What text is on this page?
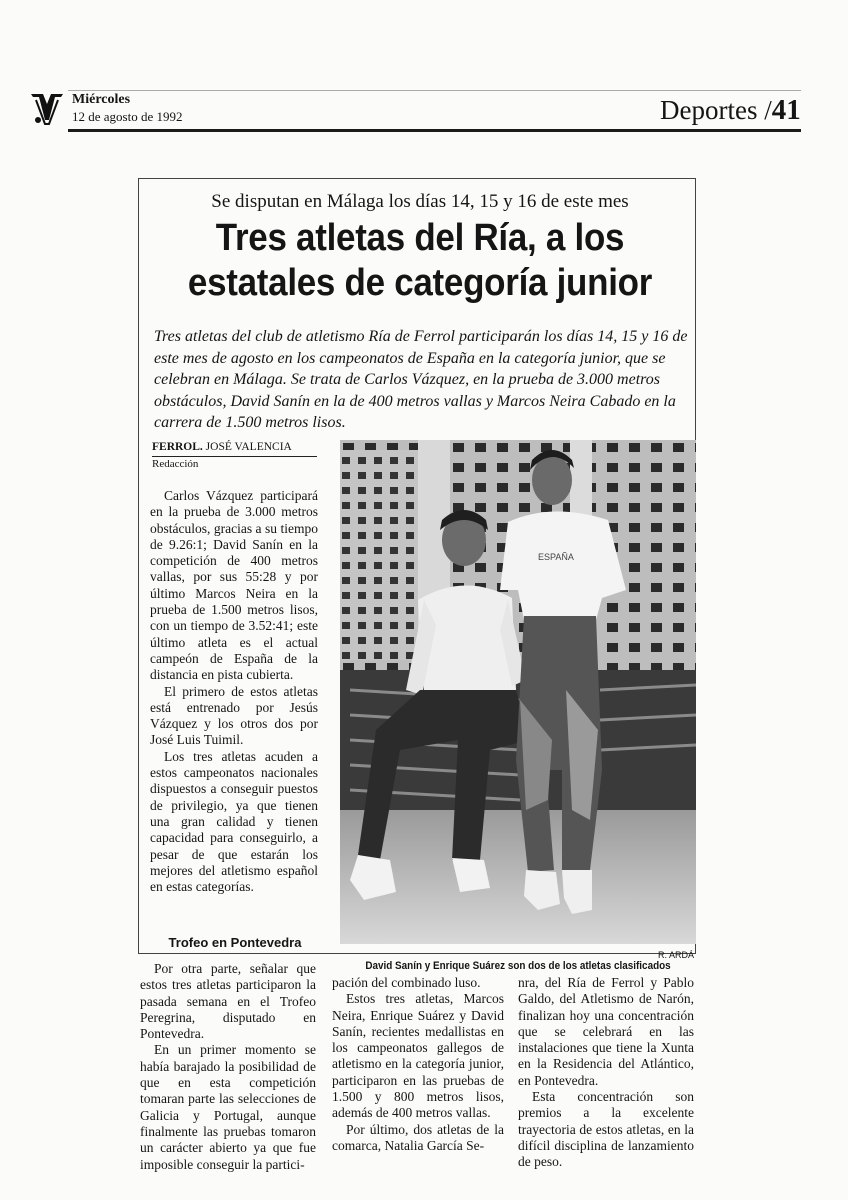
Miércoles
12 de agosto de 1992	Deportes /41
Se disputan en Málaga los días 14, 15 y 16 de este mes
Tres atletas del Ría, a los estatales de categoría junior
Tres atletas del club de atletismo Ría de Ferrol participarán los días 14, 15 y 16 de este mes de agosto en los campeonatos de España en la categoría junior, que se celebran en Málaga. Se trata de Carlos Vázquez, en la prueba de 3.000 metros obstáculos, David Sanín en la de 400 metros vallas y Marcos Neira Cabado en la carrera de 1.500 metros lisos.
FERROL. JOSÉ VALENCIA
Redacción

Carlos Vázquez participará en la prueba de 3.000 metros obstáculos, gracias a su tiempo de 9.26:1; David Sanín en la competición de 400 metros vallas, por sus 55:28 y por último Marcos Neira en la prueba de 1.500 metros lisos, con un tiempo de 3.52:41; este último atleta es el actual campeón de España de la distancia en pista cubierta.

El primero de estos atletas está entrenado por Jesús Vázquez y los otros dos por José Luis Tuimil.

Los tres atletas acuden a estos campeonatos nacionales dispuestos a conseguir puestos de privilegio, ya que tienen una gran calidad y tienen capacidad para conseguirlo, a pesar de que estarán los mejores del atletismo español en estas categorías.

ESPAÑA
R. ARDÁ
David Sanín y Enrique Suárez son dos de los atletas clasificados
Trofeo en Pontevedra

Por otra parte, señalar que estos tres atletas participaron la pasada semana en el Trofeo Peregrina, disputado en Pontevedra.

En un primer momento se había barajado la posibilidad de que en esta competición tomaran parte las selecciones de Galicia y Portugal, aunque finalmente las pruebas tomaron un carácter abierto ya que fue imposible conseguir la partici-

pación del combinado luso.

Estos tres atletas, Marcos Neira, Enrique Suárez y David Sanín, recientes medallistas en los campeonatos gallegos de atletismo en la categoría junior, participaron en las pruebas de 1.500 y 800 metros lisos, además de 400 metros vallas.

Por último, dos atletas de la comarca, Natalia García Se-

nra, del Ría de Ferrol y Pablo Galdo, del Atletismo de Narón, finalizan hoy una concentración que se celebrará en las instalaciones que tiene la Xunta en la Residencia del Atlántico, en Pontevedra.

Esta concentración son premios a la excelente trayectoria de estos atletas, en la difícil disciplina de lanzamiento de peso.
